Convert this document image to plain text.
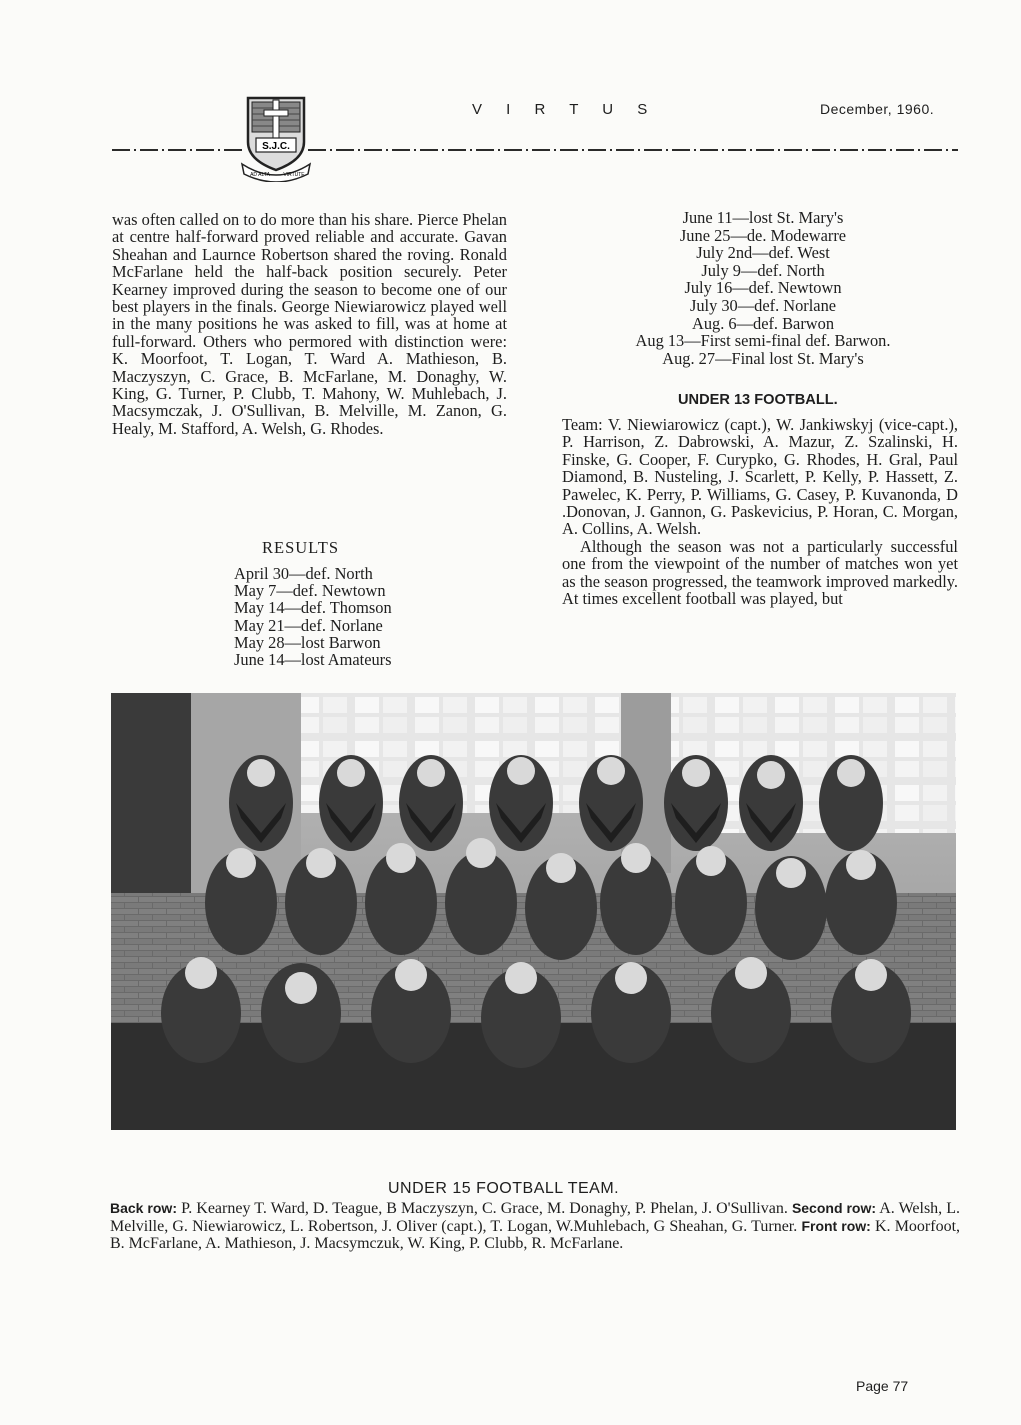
S.J.C.
AD ALTA	VIRTUTE
V I R T U S	December, 1960.

was often called on to do more than his share. Pierce Phelan at centre half-forward proved reliable and accurate. Gavan Sheahan and Laurnce Robertson shared the roving. Ronald McFarlane held the half-back position securely. Peter Kearney improved during the season to become one of our best players in the finals. George Niewiarowicz played well in the many positions he was asked to fill, was at home at full-forward. Others who permored with distinction were: K. Moorfoot, T. Logan, T. Ward A. Mathieson, B. Maczyszyn, C. Grace, B. McFarlane, M. Donaghy, W. King, G. Turner, P. Clubb, T. Mahony, W. Muhlebach, J. Macsymczak, J. O'Sullivan, B. Melville, M. Zanon, G. Healy, M. Stafford, A. Welsh, G. Rhodes.

RESULTS
April 30—def. North
May 7—def. Newtown
May 14—def. Thomson
May 21—def. Norlane
May 28—lost Barwon
June 14—lost Amateurs
June 11—lost St. Mary's
June 25—de. Modewarre
July 2nd—def. West
July 9—def. North
July 16—def. Newtown
July 30—def. Norlane
Aug. 6—def. Barwon
Aug 13—First semi-final def. Barwon.
Aug. 27—Final lost St. Mary's
UNDER 13 FOOTBALL.

Team: V. Niewiarowicz (capt.), W. Jankiwskyj (vice-capt.), P. Harrison, Z. Dabrowski, A. Mazur, Z. Szalinski, H. Finske, G. Cooper, F. Curypko, G. Rhodes, H. Gral, Paul Diamond, B. Nusteling, J. Scarlett, P. Kelly, P. Hassett, Z. Pawelec, K. Perry, P. Williams, G. Casey, P. Kuvanonda, D .Donovan, J. Gannon, G. Paskevicius, P. Horan, C. Morgan, A. Collins, A. Welsh.

Although the season was not a particularly successful one from the viewpoint of the number of matches won yet as the season progressed, the teamwork improved markedly. At times excellent football was played, but

UNDER 15 FOOTBALL TEAM.
Back row: P. Kearney T. Ward, D. Teague, B Maczyszyn, C. Grace, M. Donaghy, P. Phelan, J. O'Sullivan. Second row: A. Welsh, L. Melville, G. Niewiarowicz, L. Robertson, J. Oliver (capt.), T. Logan, W.Muhlebach, G Sheahan, G. Turner. Front row: K. Moorfoot, B. McFarlane, A. Mathieson, J. Macsymczuk, W. King, P. Clubb, R. McFarlane.
Page 77
